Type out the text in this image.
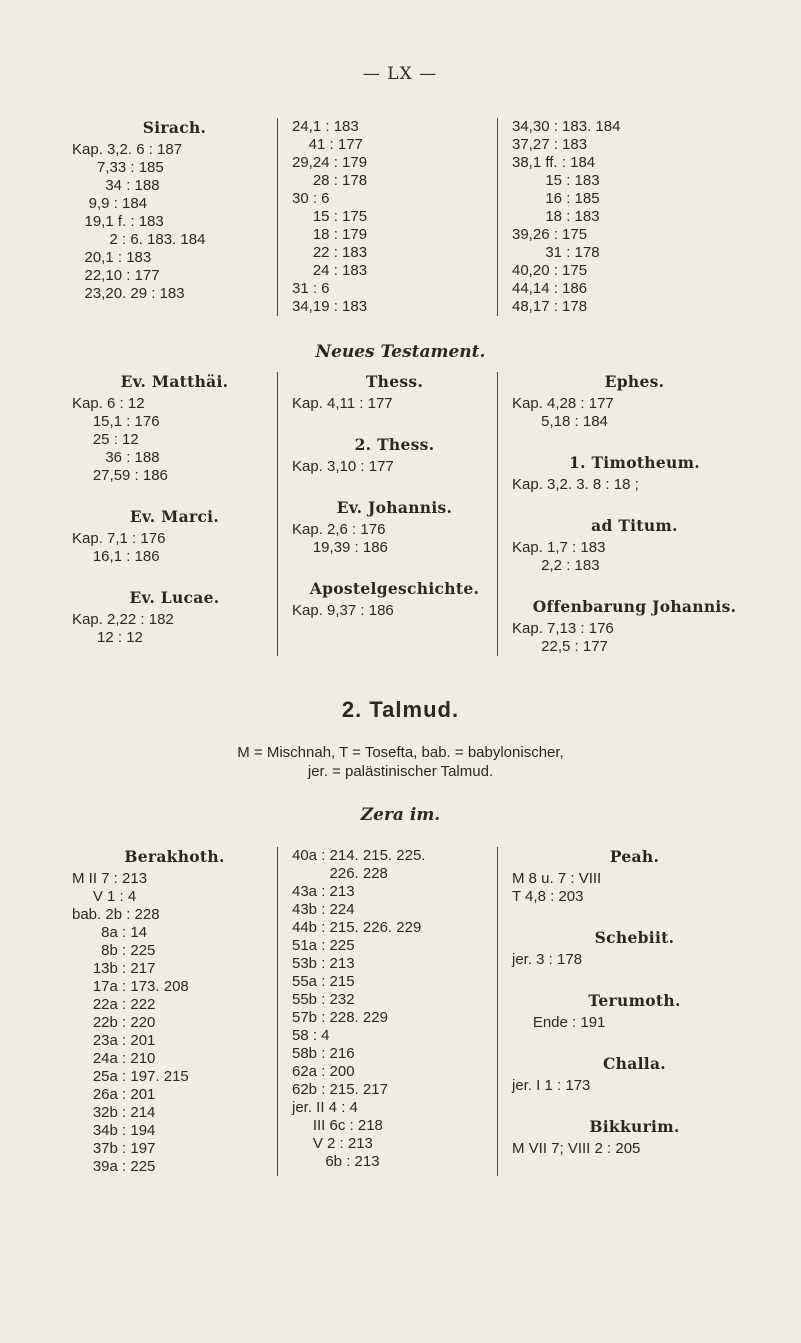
— LX —
Sirach.
Kap. 3,2. 6 : 187
7,33 : 185
34 : 188
9,9 : 184
19,1 f. : 183
2 : 6. 183. 184
20,1 : 183
22,10 : 177
23,20. 29 : 183
24,1 : 183
41 : 177
29,24 : 179
28 : 178
30 : 6
15 : 175
18 : 179
22 : 183
24 : 183
31 : 6
34,19 : 183
34,30 : 183. 184
37,27 : 183
38,1 ff. : 184
15 : 183
16 : 185
18 : 183
39,26 : 175
31 : 178
40,20 : 175
44,14 : 186
48,17 : 178
Neues Testament.
Ev. Matthäi.
Kap. 6 : 12
15,1 : 176
25 : 12
36 : 188
27,59 : 186
Ev. Marci.
Kap. 7,1 : 176
16,1 : 186
Ev. Lucae.
Kap. 2,22 : 182
12 : 12
Thess.
Kap. 4,11 : 177
2. Thess.
Kap. 3,10 : 177
Ev. Johannis.
Kap. 2,6 : 176
19,39 : 186
Apostelgeschichte.
Kap. 9,37 : 186
Ephes.
Kap. 4,28 : 177
5,18 : 184
1. Timotheum.
Kap. 3,2. 3. 8 : 18 ;
ad Titum.
Kap. 1,7 : 183
2,2 : 183
Offenbarung Johannis.
Kap. 7,13 : 176
22,5 : 177
2. Talmud.
M = Mischnah, T = Tosefta, bab. = babylonischer,
jer. = palästinischer Talmud.
Zera im.
Berakhoth.
M II 7 : 213
V 1 : 4
bab. 2b : 228
8a : 14
8b : 225
13b : 217
17a : 173. 208
22a : 222
22b : 220
23a : 201
24a : 210
25a : 197. 215
26a : 201
32b : 214
34b : 194
37b : 197
39a : 225
40a : 214. 215. 225.
226. 228
43a : 213
43b : 224
44b : 215. 226. 229
51a : 225
53b : 213
55a : 215
55b : 232
57b : 228. 229
58 : 4
58b : 216
62a : 200
62b : 215. 217
jer. II 4 : 4
III 6c : 218
V 2 : 213
6b : 213
Peah.
M 8 u. 7 : VIII
T 4,8 : 203
Schebiit.
jer. 3 : 178
Terumoth.
Ende : 191
Challa.
jer. I 1 : 173
Bikkurim.
M VII 7; VIII 2 : 205
